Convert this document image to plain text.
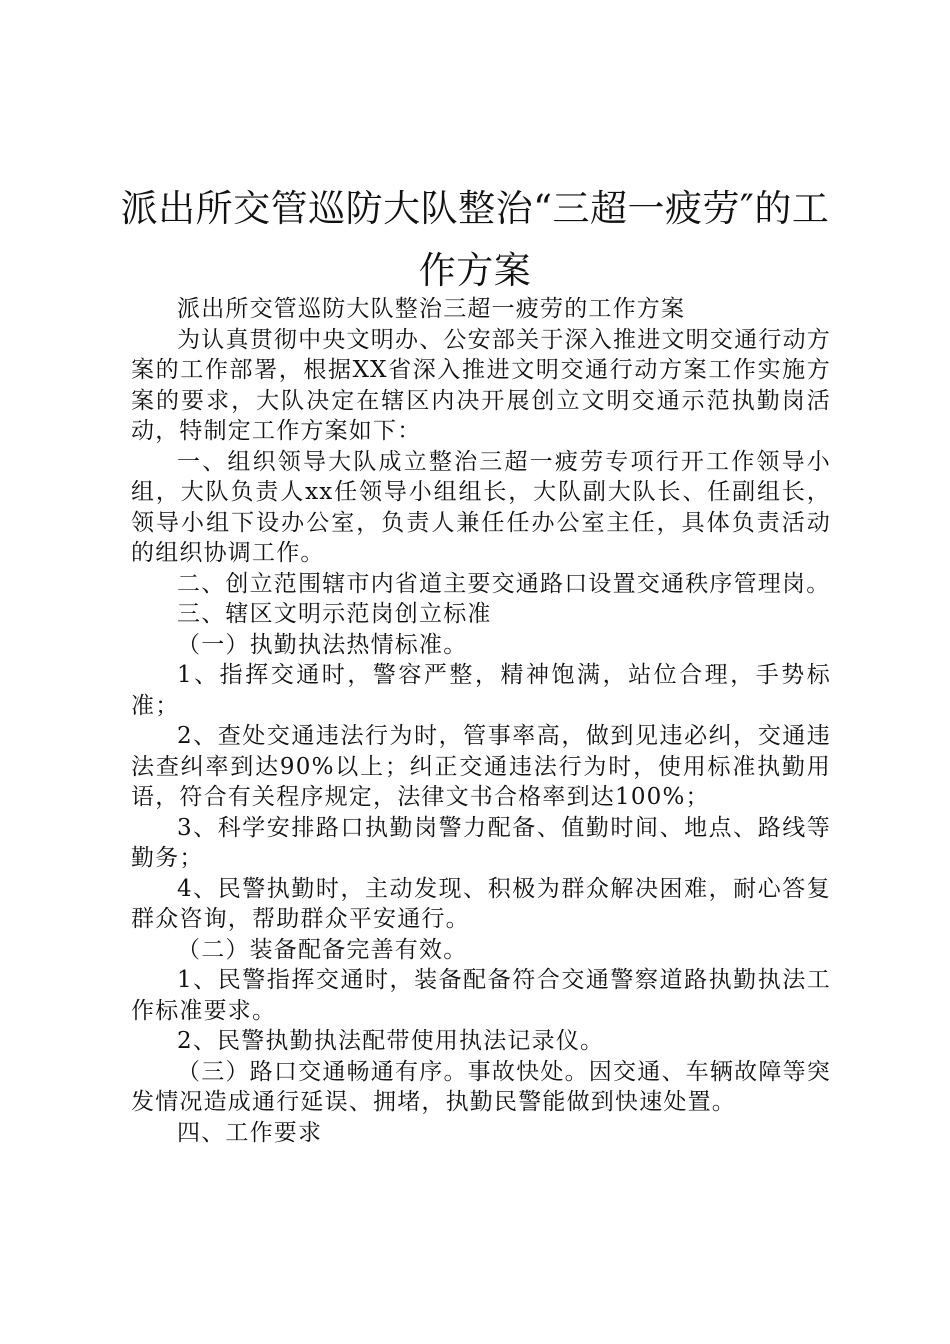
派出所交管巡防大队整治“三超一疲劳″的工作方案

派出所交管巡防大队整治三超一疲劳的工作方案

为认真贯彻中央文明办、公安部关于深入推进文明交通行动方案的工作部署，根据XX省深入推进文明交通行动方案工作实施方案的要求，大队决定在辖区内决开展创立文明交通示范执勤岗活动，特制定工作方案如下：

一、组织领导大队成立整治三超一疲劳专项行开工作领导小组，大队负责人xx任领导小组组长，大队副大队长、任副组长，领导小组下设办公室，负责人兼任任办公室主任，具体负责活动的组织协调工作。

二、创立范围辖市内省道主要交通路口设置交通秩序管理岗。

三、辖区文明示范岗创立标准

（一）执勤执法热情标准。

1、指挥交通时，警容严整，精神饱满，站位合理，手势标准；

2、查处交通违法行为时，管事率高，做到见违必纠，交通违法查纠率到达90%以上；纠正交通违法行为时，使用标准执勤用语，符合有关程序规定，法律文书合格率到达100%；

3、科学安排路口执勤岗警力配备、值勤时间、地点、路线等勤务；

4、民警执勤时，主动发现、积极为群众解决困难，耐心答复群众咨询，帮助群众平安通行。

（二）装备配备完善有效。

1、民警指挥交通时，装备配备符合交通警察道路执勤执法工作标准要求。

2、民警执勤执法配带使用执法记录仪。

（三）路口交通畅通有序。事故快处。因交通、车辆故障等突发情况造成通行延误、拥堵，执勤民警能做到快速处置。

四、工作要求
